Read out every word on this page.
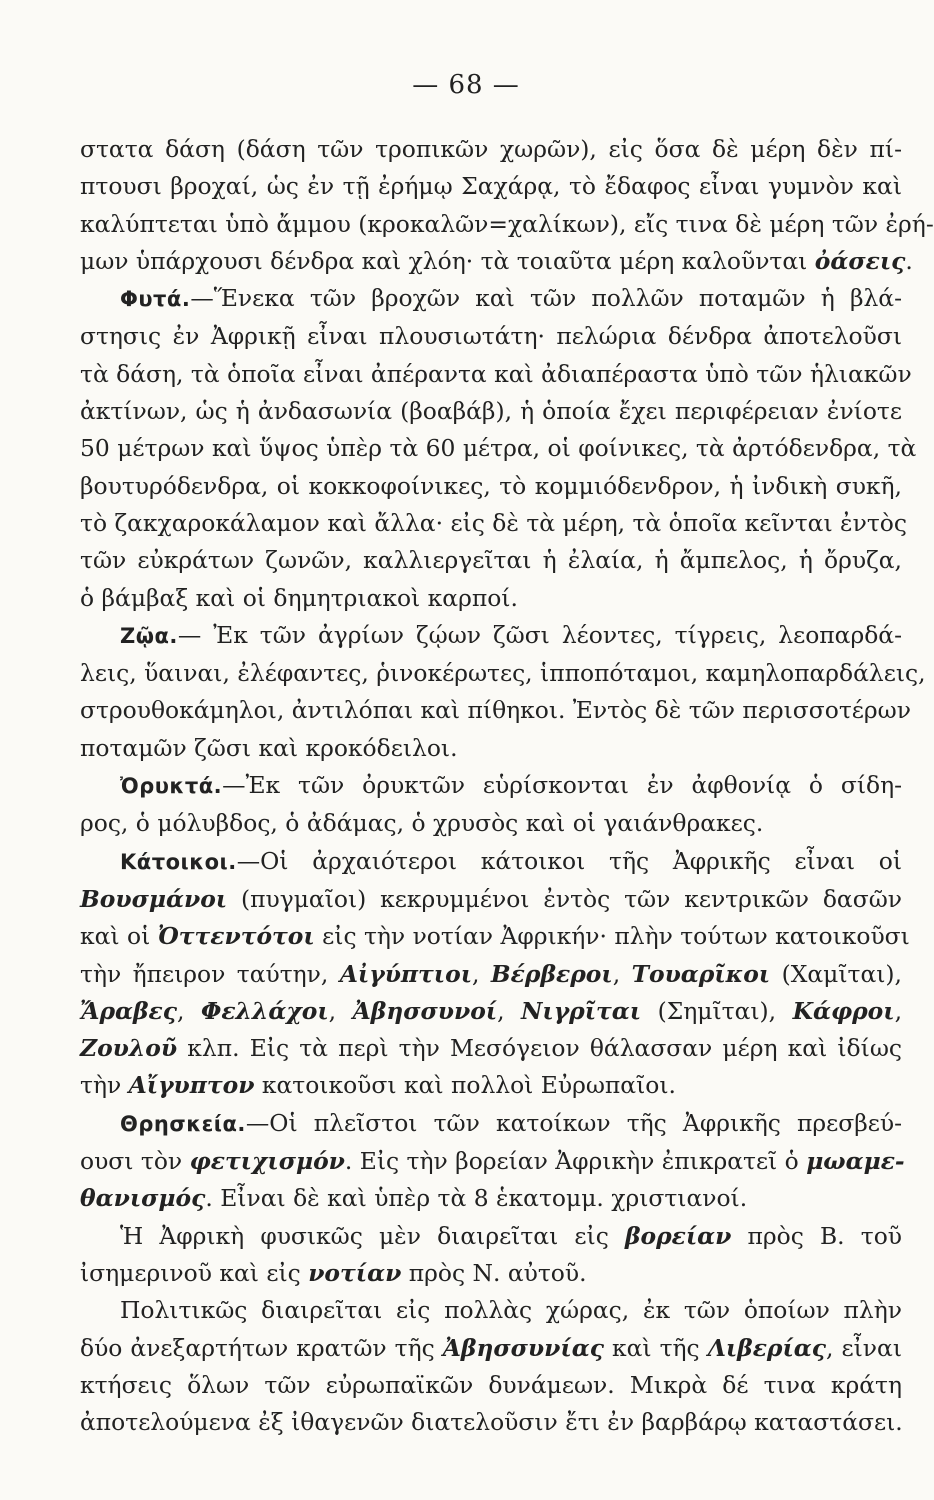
— 68 —
στατα δάση (δάση τῶν τροπικῶν χωρῶν), εἰς ὅσα δὲ μέρη δὲν πί-
πτουσι βροχαί, ὡς ἐν τῇ ἐρήμῳ Σαχάρᾳ, τὸ ἔδαφος εἶναι γυμνὸν καὶ
καλύπτεται ὑπὸ ἄμμου (κροκαλῶν=χαλίκων), εἴς τινα δὲ μέρη τῶν ἐρή-
μων ὑπάρχουσι δένδρα καὶ χλόη· τὰ τοιαῦτα μέρη καλοῦνται ὀάσεις.
Φυτά.—Ἕνεκα τῶν βροχῶν καὶ τῶν πολλῶν ποταμῶν ἡ βλά-
στησις ἐν Ἀφρικῇ εἶναι πλουσιωτάτη· πελώρια δένδρα ἀποτελοῦσι
τὰ δάση, τὰ ὁποῖα εἶναι ἀπέραντα καὶ ἀδιαπέραστα ὑπὸ τῶν ἡλιακῶν
ἀκτίνων, ὡς ἡ ἀνδασωνία (βοαβάβ), ἡ ὁποία ἔχει περιφέρειαν ἐνίοτε
50 μέτρων καὶ ὕψος ὑπὲρ τὰ 60 μέτρα, οἱ φοίνικες, τὰ ἀρτόδενδρα, τὰ
βουτυρόδενδρα, οἱ κοκκοφοίνικες, τὸ κομμιόδενδρον, ἡ ἰνδικὴ συκῆ,
τὸ ζακχαροκάλαμον καὶ ἄλλα· εἰς δὲ τὰ μέρη, τὰ ὁποῖα κεῖνται ἐντὸς
τῶν εὐκράτων ζωνῶν, καλλιεργεῖται ἡ ἐλαία, ἡ ἄμπελος, ἡ ὄρυζα,
ὁ βάμβαξ καὶ οἱ δημητριακοὶ καρποί.
Ζῷα.— Ἐκ τῶν ἀγρίων ζῴων ζῶσι λέοντες, τίγρεις, λεοπαρδά-
λεις, ὕαιναι, ἐλέφαντες, ῥινοκέρωτες, ἱπποπόταμοι, καμηλοπαρδάλεις,
στρουθοκάμηλοι, ἀντιλόπαι καὶ πίθηκοι. Ἐντὸς δὲ τῶν περισσοτέρων
ποταμῶν ζῶσι καὶ κροκόδειλοι.
Ὀρυκτά.—Ἐκ τῶν ὀρυκτῶν εὑρίσκονται ἐν ἀφθονίᾳ ὁ σίδη-
ρος, ὁ μόλυβδος, ὁ ἀδάμας, ὁ χρυσὸς καὶ οἱ γαιάνθρακες.
Κάτοικοι.—Οἱ ἀρχαιότεροι κάτοικοι τῆς Ἀφρικῆς εἶναι οἱ
Βουσμάνοι (πυγμαῖοι) κεκρυμμένοι ἐντὸς τῶν κεντρικῶν δασῶν
καὶ οἱ Ὀττεντότοι εἰς τὴν νοτίαν Ἀφρικήν· πλὴν τούτων κατοικοῦσι
τὴν ἤπειρον ταύτην, Αἰγύπτιοι, Βέρβεροι, Τουαρῖκοι (Χαμῖται),
Ἄραβες, Φελλάχοι, Ἀβησσυνοί, Νιγρῖται (Σημῖται), Κάφροι,
Ζουλοῦ κλπ. Εἰς τὰ περὶ τὴν Μεσόγειον θάλασσαν μέρη καὶ ἰδίως
τὴν Αἴγυπτον κατοικοῦσι καὶ πολλοὶ Εὐρωπαῖοι.
Θρησκεία.—Οἱ πλεῖστοι τῶν κατοίκων τῆς Ἀφρικῆς πρεσβεύ-
ουσι τὸν φετιχισμόν. Εἰς τὴν βορείαν Ἀφρικὴν ἐπικρατεῖ ὁ μωαμε-
θανισμός. Εἶναι δὲ καὶ ὑπὲρ τὰ 8 ἑκατομμ. χριστιανοί.
Ἡ Ἀφρικὴ φυσικῶς μὲν διαιρεῖται εἰς βορείαν πρὸς Β. τοῦ
ἰσημερινοῦ καὶ εἰς νοτίαν πρὸς Ν. αὐτοῦ.
Πολιτικῶς διαιρεῖται εἰς πολλὰς χώρας, ἐκ τῶν ὁποίων πλὴν
δύο ἀνεξαρτήτων κρατῶν τῆς Ἀβησσυνίας καὶ τῆς Λιβερίας, εἶναι
κτήσεις ὅλων τῶν εὐρωπαϊκῶν δυνάμεων. Μικρὰ δέ τινα κράτη
ἀποτελούμενα ἐξ ἰθαγενῶν διατελοῦσιν ἔτι ἐν βαρβάρῳ καταστάσει.
